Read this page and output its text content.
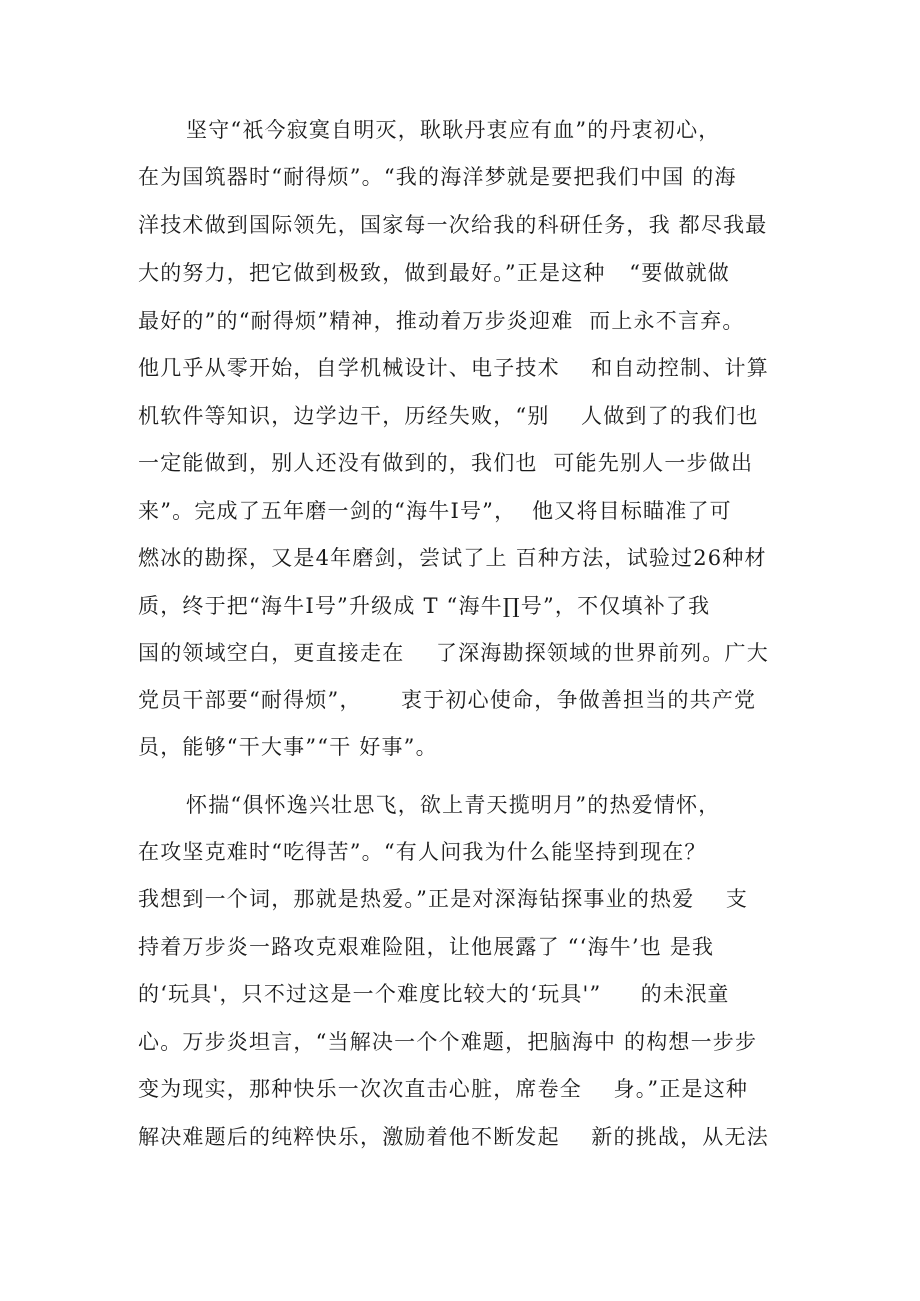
坚守“祇今寂寞自明灭，耿耿丹衷应有血”的丹衷初心，
在为国筑器时“耐得烦”。“我的海洋梦就是要把我们中国 的海
洋技术做到国际领先，国家每一次给我的科研任务，我 都尽我最
大的努力，把它做到极致，做到最好。”正是这种   “要做就做
最好的”的“耐得烦”精神，推动着万步炎迎难  而上永不言弃。
他几乎从零开始，自学机械设计、电子技术    和自动控制、计算
机软件等知识，边学边干，历经失败，“别    人做到了的我们也
一定能做到，别人还没有做到的，我们也  可能先别人一步做出
来”。完成了五年磨一剑的“海牛I号”，  他又将目标瞄准了可
燃冰的勘探，又是4年磨剑，尝试了上 百种方法，试验过26种材
质，终于把“海牛I号”升级成 T “海牛∏号”，不仅填补了我
国的领域空白，更直接走在    了深海勘探领域的世界前列。广大
党员干部要“耐得烦”，     衷于初心使命，争做善担当的共产党
员，能够“干大事”“干 好事”。
怀揣“俱怀逸兴壮思飞，欲上青天揽明月”的热爱情怀，
在攻坚克难时“吃得苦”。“有人问我为什么能坚持到现在？
我想到一个词，那就是热爱。”正是对深海钻探事业的热爱    支
持着万步炎一路攻克艰难险阻，让他展露了 “‘海牛’也 是我
的‘玩具'，只不过这是一个难度比较大的‘玩具'”     的未泯童
心。万步炎坦言，“当解决一个个难题，把脑海中 的构想一步步
变为现实，那种快乐一次次直击心脏，席卷全    身。”正是这种
解决难题后的纯粹快乐，激励着他不断发起    新的挑战，从无法
